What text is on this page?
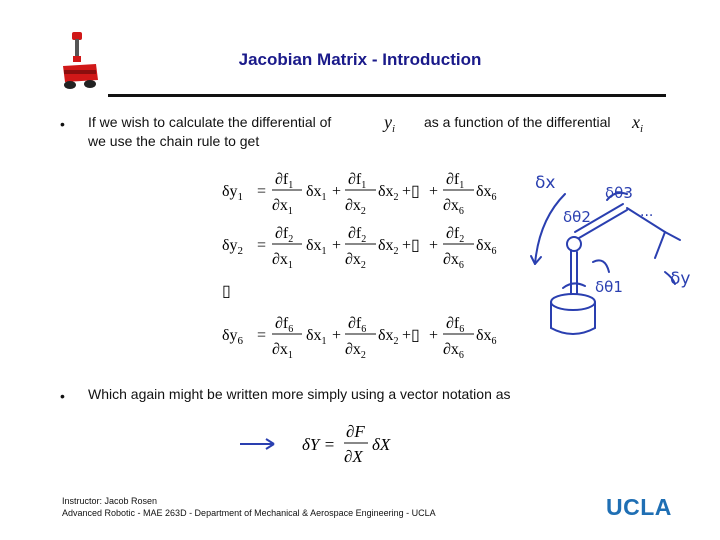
Jacobian Matrix - Introduction
• If we wish to calculate the differential of	$y_i$ as a function of the differential $x_i$
we use the chain rule to get
$\delta y_1$ =
$\partial f_1$
$\partial x_1$
$\delta x_1$ +
$\partial f_1$
$\partial x_2$
$\delta x_2$ +▯ +
$\partial f_1$
$\partial x_6$
$\delta x_6$
$\delta y_2$ =
$\partial f_2$
$\partial x_1$
$\delta x_1$ +
$\partial f_2$
$\partial x_2$
$\delta x_2$ +▯ +
$\partial f_2$
$\partial x_6$
$\delta x_6$
▯
$\delta y_6$ =
$\partial f_6$
$\partial x_1$
$\delta x_1$ +
$\partial f_6$
$\partial x_2$
$\delta x_2$ +▯ +
$\partial f_6$
$\partial x_6$
$\delta x_6$
δx	δθ3
δθ2
δθ1	δy
...
• Which again might be written more simply using a vector notation as
δY =
∂F
∂X
δX
Instructor: Jacob Rosen
Advanced Robotic - MAE 263D - Department of Mechanical & Aerospace Engineering - UCLA	UCLA
